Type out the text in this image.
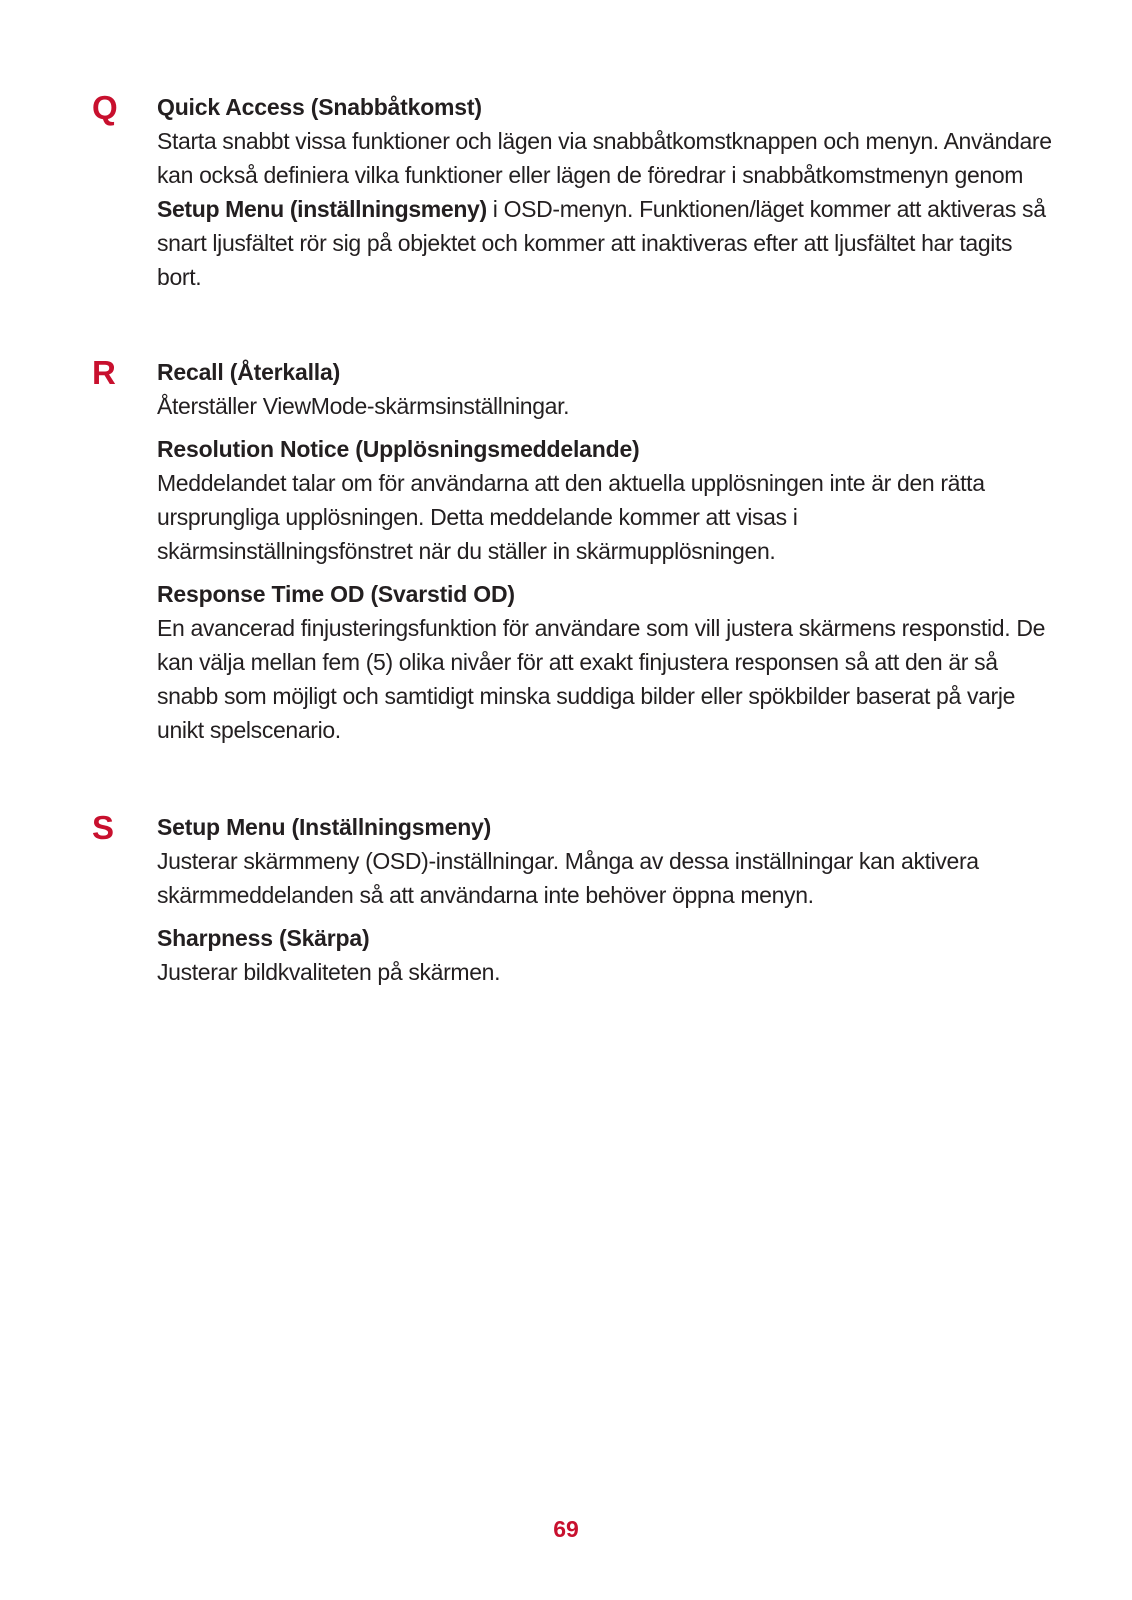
Q Quick Access (Snabbåtkomst)

Starta snabbt vissa funktioner och lägen via snabbåtkomstknappen och menyn. Användare kan också definiera vilka funktioner eller lägen de föredrar i snabbåtkomstmenyn genom Setup Menu (inställningsmeny) i OSD-menyn. Funktionen/läget kommer att aktiveras så snart ljusfältet rör sig på objektet och kommer att inaktiveras efter att ljusfältet har tagits bort.

R Recall (Återkalla)

Återställer ViewMode-skärmsinställningar.

Resolution Notice (Upplösningsmeddelande)

Meddelandet talar om för användarna att den aktuella upplösningen inte är den rätta ursprungliga upplösningen. Detta meddelande kommer att visas i skärmsinställningsfönstret när du ställer in skärmupplösningen.

Response Time OD (Svarstid OD)

En avancerad finjusteringsfunktion för användare som vill justera skärmens responstid. De kan välja mellan fem (5) olika nivåer för att exakt finjustera responsen så att den är så snabb som möjligt och samtidigt minska suddiga bilder eller spökbilder baserat på varje unikt spelscenario.

S Setup Menu (Inställningsmeny)

Justerar skärmmeny (OSD)-inställningar. Många av dessa inställningar kan aktivera skärmmeddelanden så att användarna inte behöver öppna menyn.

Sharpness (Skärpa)

Justerar bildkvaliteten på skärmen.

69
